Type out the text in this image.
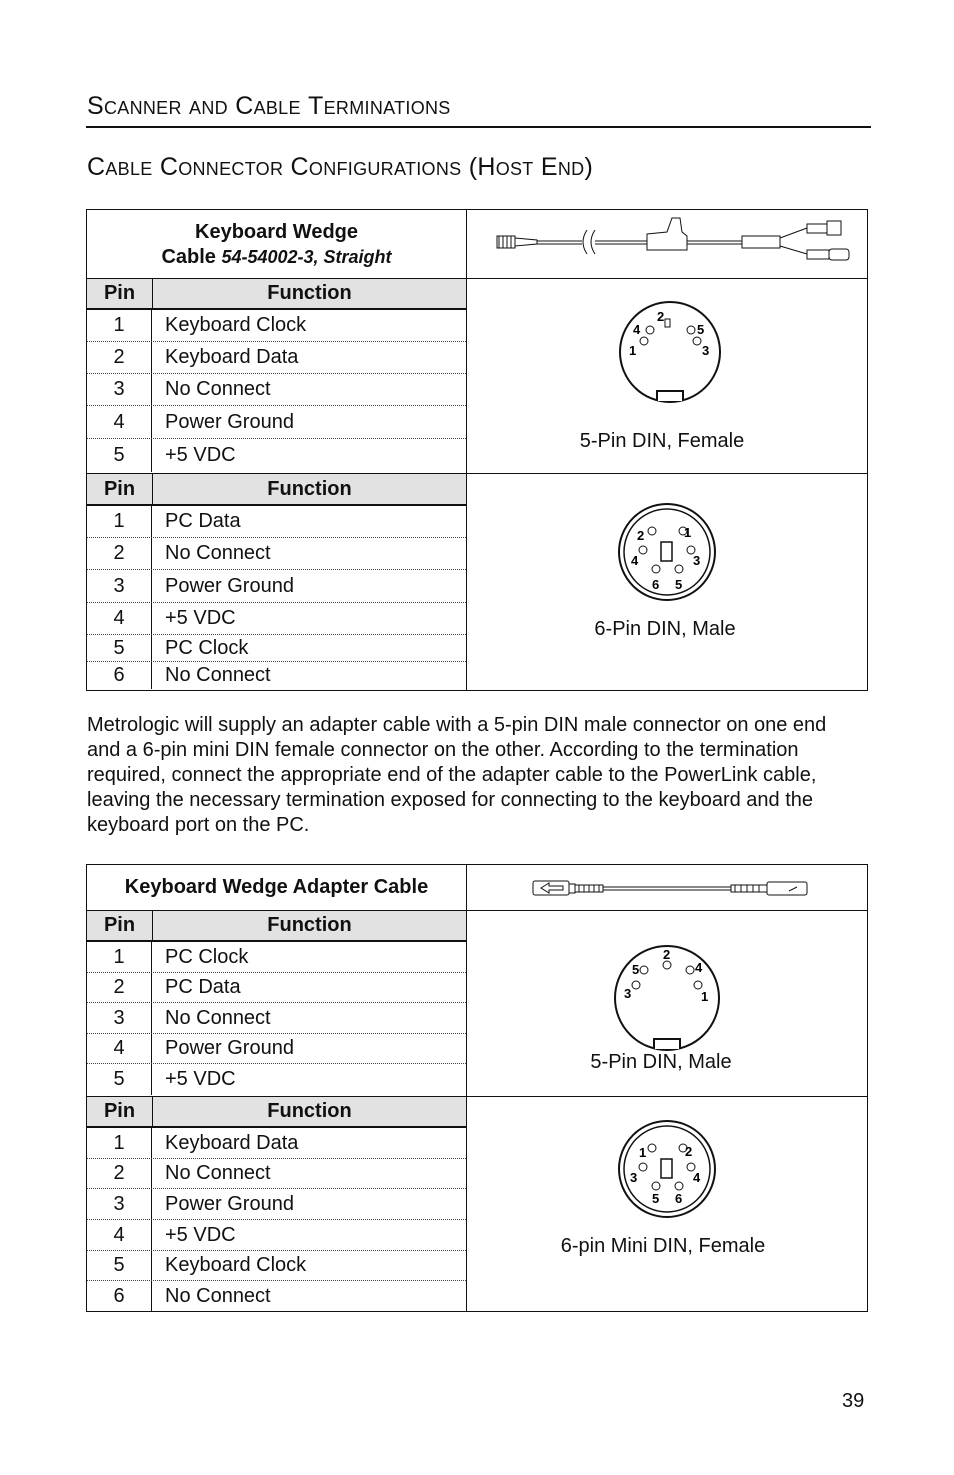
Scanner and Cable Terminations
Cable Connector Configurations (Host End)
Keyboard Wedge
Cable 54-54002-3, Straight
Pin	Function
1	Keyboard Clock
2	Keyboard Data
3	No Connect
4	Power Ground
5	+5 VDC
2
4	5
1	3
5-Pin DIN, Female
Pin	Function
1	PC Data
2	No Connect
3	Power Ground
4	+5 VDC
5	PC Clock
6	No Connect
2	1
4	3
6 5
6-Pin DIN, Male
Metrologic will supply an adapter cable with a 5-pin DIN male connector on one end and a 6-pin mini DIN female connector on the other. According to the termination required, connect the appropriate end of the adapter cable to the PowerLink cable, leaving the necessary termination exposed for connecting to the keyboard and the keyboard port on the PC.
Keyboard Wedge Adapter Cable
Pin	Function
1	PC Clock
2	PC Data
3	No Connect
4	Power Ground
5	+5 VDC
2
5	4
3	1
5-Pin DIN, Male
Pin	Function
1	Keyboard Data
2	No Connect
3	Power Ground
4	+5 VDC
5	Keyboard Clock
6	No Connect
1	2
3	4
5 6
6-pin Mini DIN, Female
39
